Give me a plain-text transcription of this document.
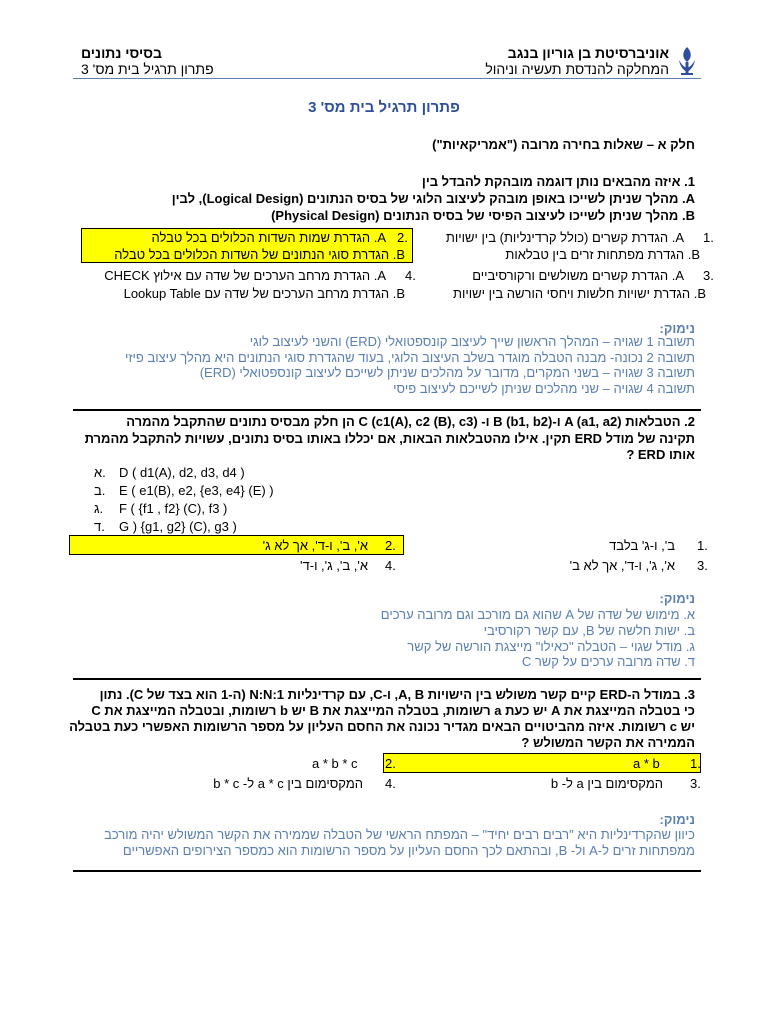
אוניברסיטת בן גוריון בנגב
המחלקה להנדסת תעשיה וניהול
בסיסי נתונים
פתרון תרגיל בית מס' 3
פתרון תרגיל בית מס' 3
חלק א – שאלות בחירה מרובה ("אמריקאיות")
1. איזה מהבאים נותן דוגמה מובהקת להבדל בין
A. מהלך שניתן לשייכו באופן מובהק לעיצוב הלוגי של בסיס הנתונים (Logical Design), לבין
B. מהלך שניתן לשייכו לעיצוב הפיסי של בסיס הנתונים (Physical Design)
1.
A. הגדרת קשרים (כולל קרדינליות) בין ישויות
B. הגדרת מפתחות זרים בין טבלאות
2.
A. הגדרת שמות השדות הכלולים בכל טבלה
B. הגדרת סוגי הנתונים של השדות הכלולים בכל טבלה
3.
A. הגדרת קשרים משולשים ורקורסיביים
B. הגדרת ישויות חלשות ויחסי הורשה בין ישויות
4.
A. הגדרת מרחב הערכים של שדה עם אילוץ CHECK
B. הגדרת מרחב הערכים של שדה עם Lookup Table
נימוק:
תשובה 1 שגויה – המהלך הראשון שייך לעיצוב קונספטואלי (ERD) והשני לעיצוב לוגי
תשובה 2 נכונה- מבנה הטבלה מוגדר בשלב העיצוב הלוגי, בעוד שהגדרת סוגי הנתונים היא מהלך עיצוב פיזי
תשובה 3 שגויה – בשני המקרים, מדובר על מהלכים שניתן לשייכם לעיצוב קונספטואלי (ERD)
תשובה 4 שגויה – שני מהלכים שניתן לשייכם לעיצוב פיסי
2. הטבלאות A (a1, a2) ו-B (b1, b2) ו- C (c1(A), c2 (B), c3) הן חלק מבסיס נתונים שהתקבל מהמרה
תקינה של מודל ERD תקין. אילו מהטבלאות הבאות, אם יכללו באותו בסיס נתונים, עשויות להתקבל מהמרת
אותו ERD ?
א. D ( d1(A), d2, d3, d4 )
ב. E ( e1(B), e2, {e3, e4} (E) )
ג. F ( {f1 , f2} (C), f3 )
ד. G ) {g1, g2} (C), g3 )
1.
ב', ו-ג' בלבד
2.
א', ב', ו-ד', אך לא ג'
3.
א', ג', ו-ד', אך לא ב'
4.
א', ב', ג', ו-ד'
נימוק:
א. מימוש של שדה של A שהוא גם מורכב וגם מרובה ערכים
ב. ישות חלשה של B, עם קשר רקורסיבי
ג. מודל שגוי – הטבלה "כאילו" מייצגת הורשה של קשר
ד. שדה מרובה ערכים על קשר C
3. במודל ה-ERD קיים קשר משולש בין הישויות A, B, ו-C, עם קרדינליות N:N:1 (ה-1 הוא בצד של C). נתון
כי בטבלה המייצגת את A יש כעת a רשומות, בטבלה המייצגת את B יש b רשומות, ובטבלה המייצגת את C
יש c רשומות. איזה מהביטויים הבאים מגדיר נכונה את החסם העליון על מספר הרשומות האפשרי כעת בטבלה
הממירה את הקשר המשולש ?
1.
a * b
2.
a * b * c
3.
המקסימום בין a ל- b
4.
המקסימום בין a * c ל- b * c
נימוק:
כיוון שהקרדינליות היא "רבים רבים יחיד" – המפתח הראשי של הטבלה שממירה את הקשר המשולש יהיה מורכב
ממפתחות זרים ל-A ול- B, ובהתאם לכך החסם העליון על מספר הרשומות הוא כמספר הצירופים האפשריים
